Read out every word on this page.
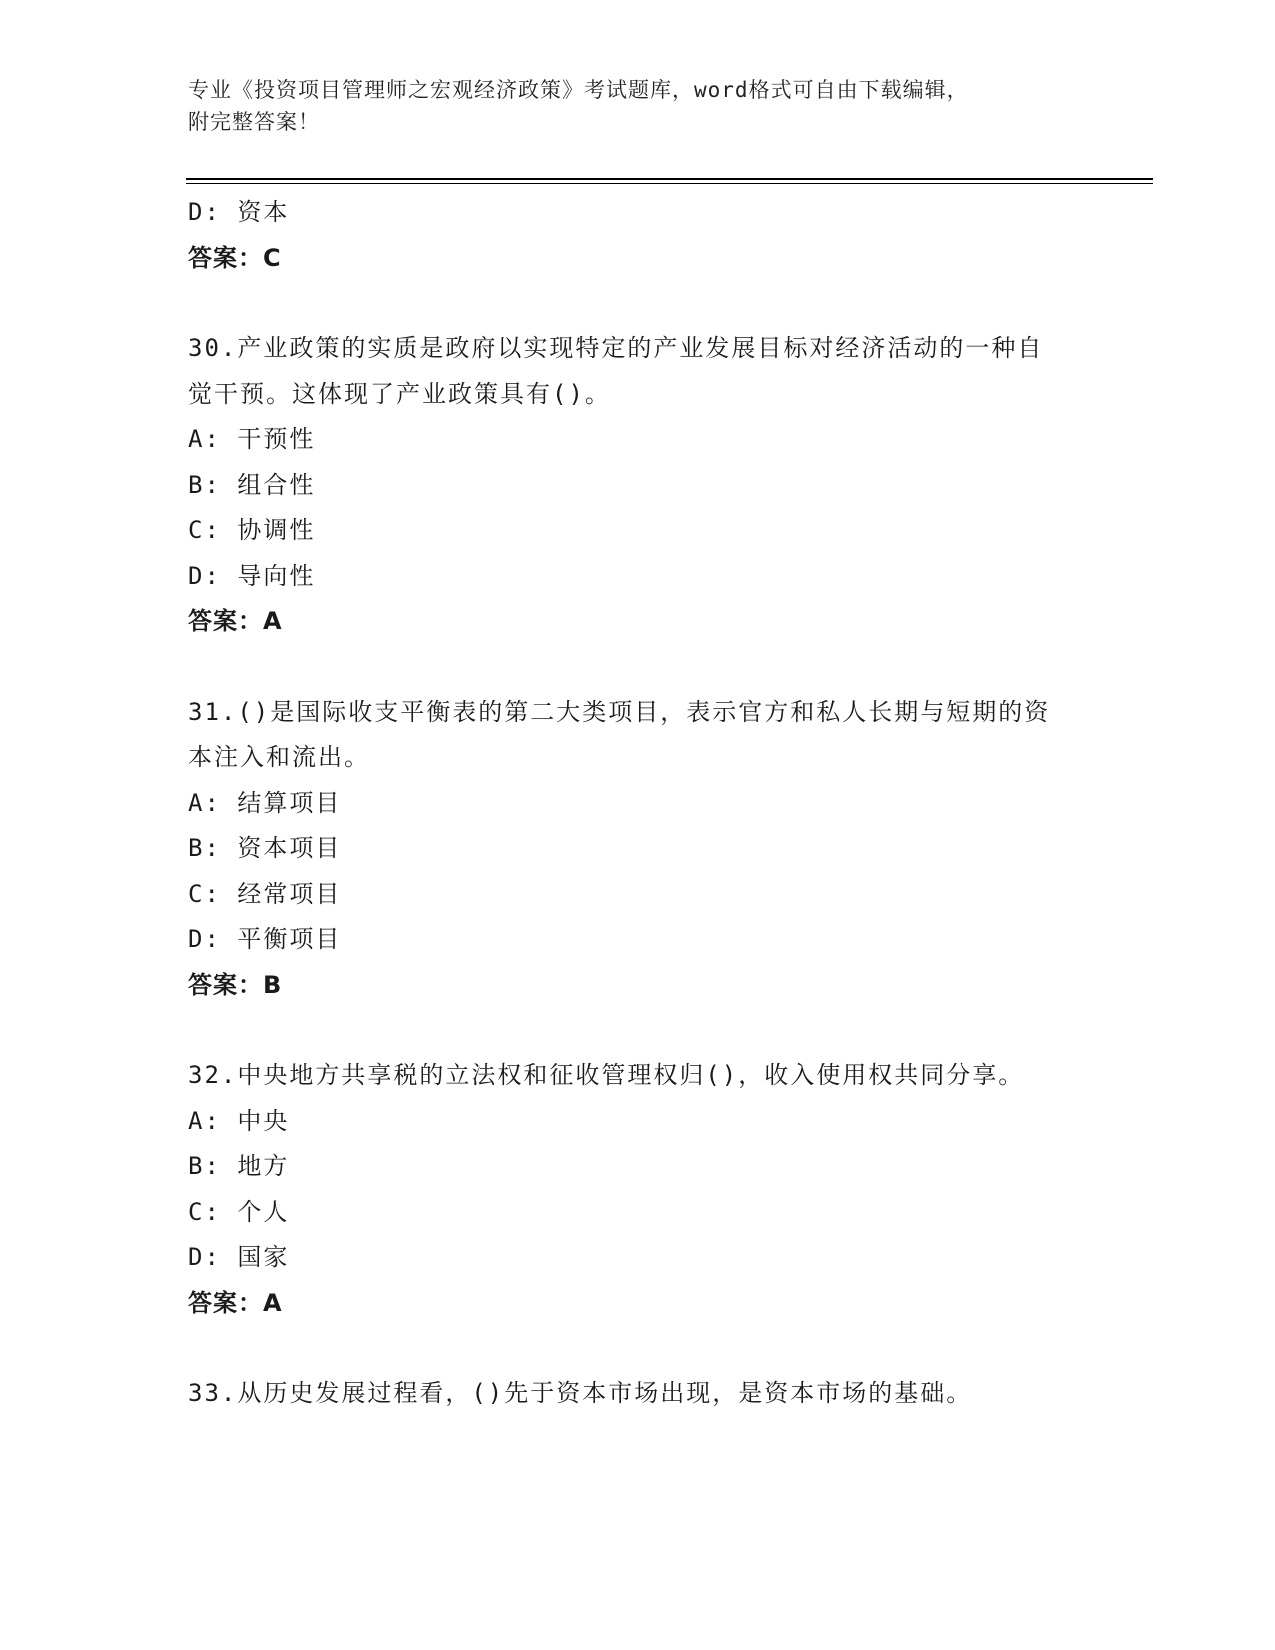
专业《投资项目管理师之宏观经济政策》考试题库，word格式可自由下载编辑，
附完整答案！
D: 资本
答案：C
30.产业政策的实质是政府以实现特定的产业发展目标对经济活动的一种自觉干预。这体现了产业政策具有()。
A: 干预性
B: 组合性
C: 协调性
D: 导向性
答案：A
31.()是国际收支平衡表的第二大类项目，表示官方和私人长期与短期的资本注入和流出。
A: 结算项目
B: 资本项目
C: 经常项目
D: 平衡项目
答案：B
32.中央地方共享税的立法权和征收管理权归()，收入使用权共同分享。
A: 中央
B: 地方
C: 个人
D: 国家
答案：A
33.从历史发展过程看，()先于资本市场出现，是资本市场的基础。
